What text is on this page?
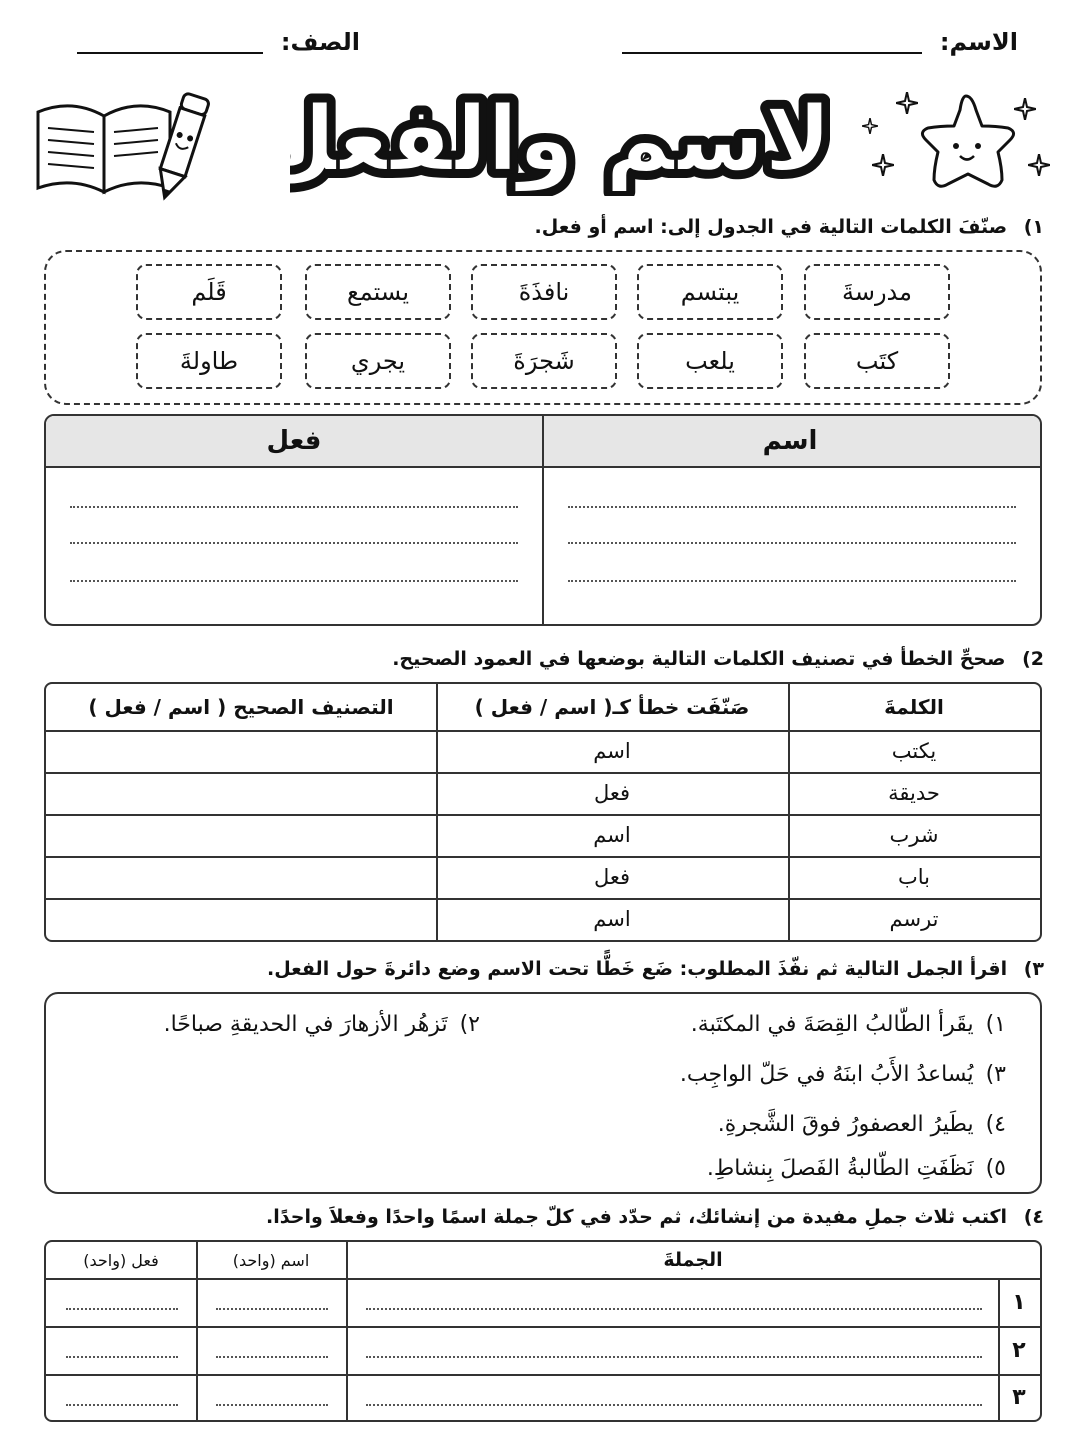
الاسم:
الصف:
لاسم والفعل	لاسم والفعل
١) صنّفَ الكلمات التالية في الجدول إلى: اسم أو فعل.
مدرسةَ
يبتسم
نافذَةَ
يستمع
قَلَم
كتَب
يلعب
شَجرَةَ
يجري
طاولةَ
اسم
فعل
2) صححِّ الخطأ في تصنيف الكلمات التالية بوضعها في العمود الصحيح.
الكلمةَ
صَنّفَت خطأ كـ( اسم / فعل )
التصنيف الصحيح ( اسم / فعل )
يكتب
اسم
حديقة
فعل
شرب
اسم
باب
فعل
ترسم
اسم
٣) اقرأ الجمل التالية ثم نفّذَ المطلوب: ضَع خَطًّا تحت الاسم وضع دائرةَ حول الفعل.
١)يقَرأ الطّالبُ القِصَةَ في المكتَبة.
٢)تَزهُر الأزهارَ في الحديقةِ صباحًا.
٣)يُساعدُ الأَبُ ابنَهُ في حَلّ الواجِب.
٤)يطَيرُ العصفورُ فوقَ الشَّجرةِ.
٥)نَظَفَتِ الطّالبةُ الفَصلَ بِنشاطِ.
٤) اكتب ثلاث جملِ مفيدة من إنشائك، ثم حدّد في كلّ جملة اسمًا واحدًا وفعلاَ واحدًا.
الجملةَ
اسم (واحد)
فعل (واحد)
١
٢
٣
